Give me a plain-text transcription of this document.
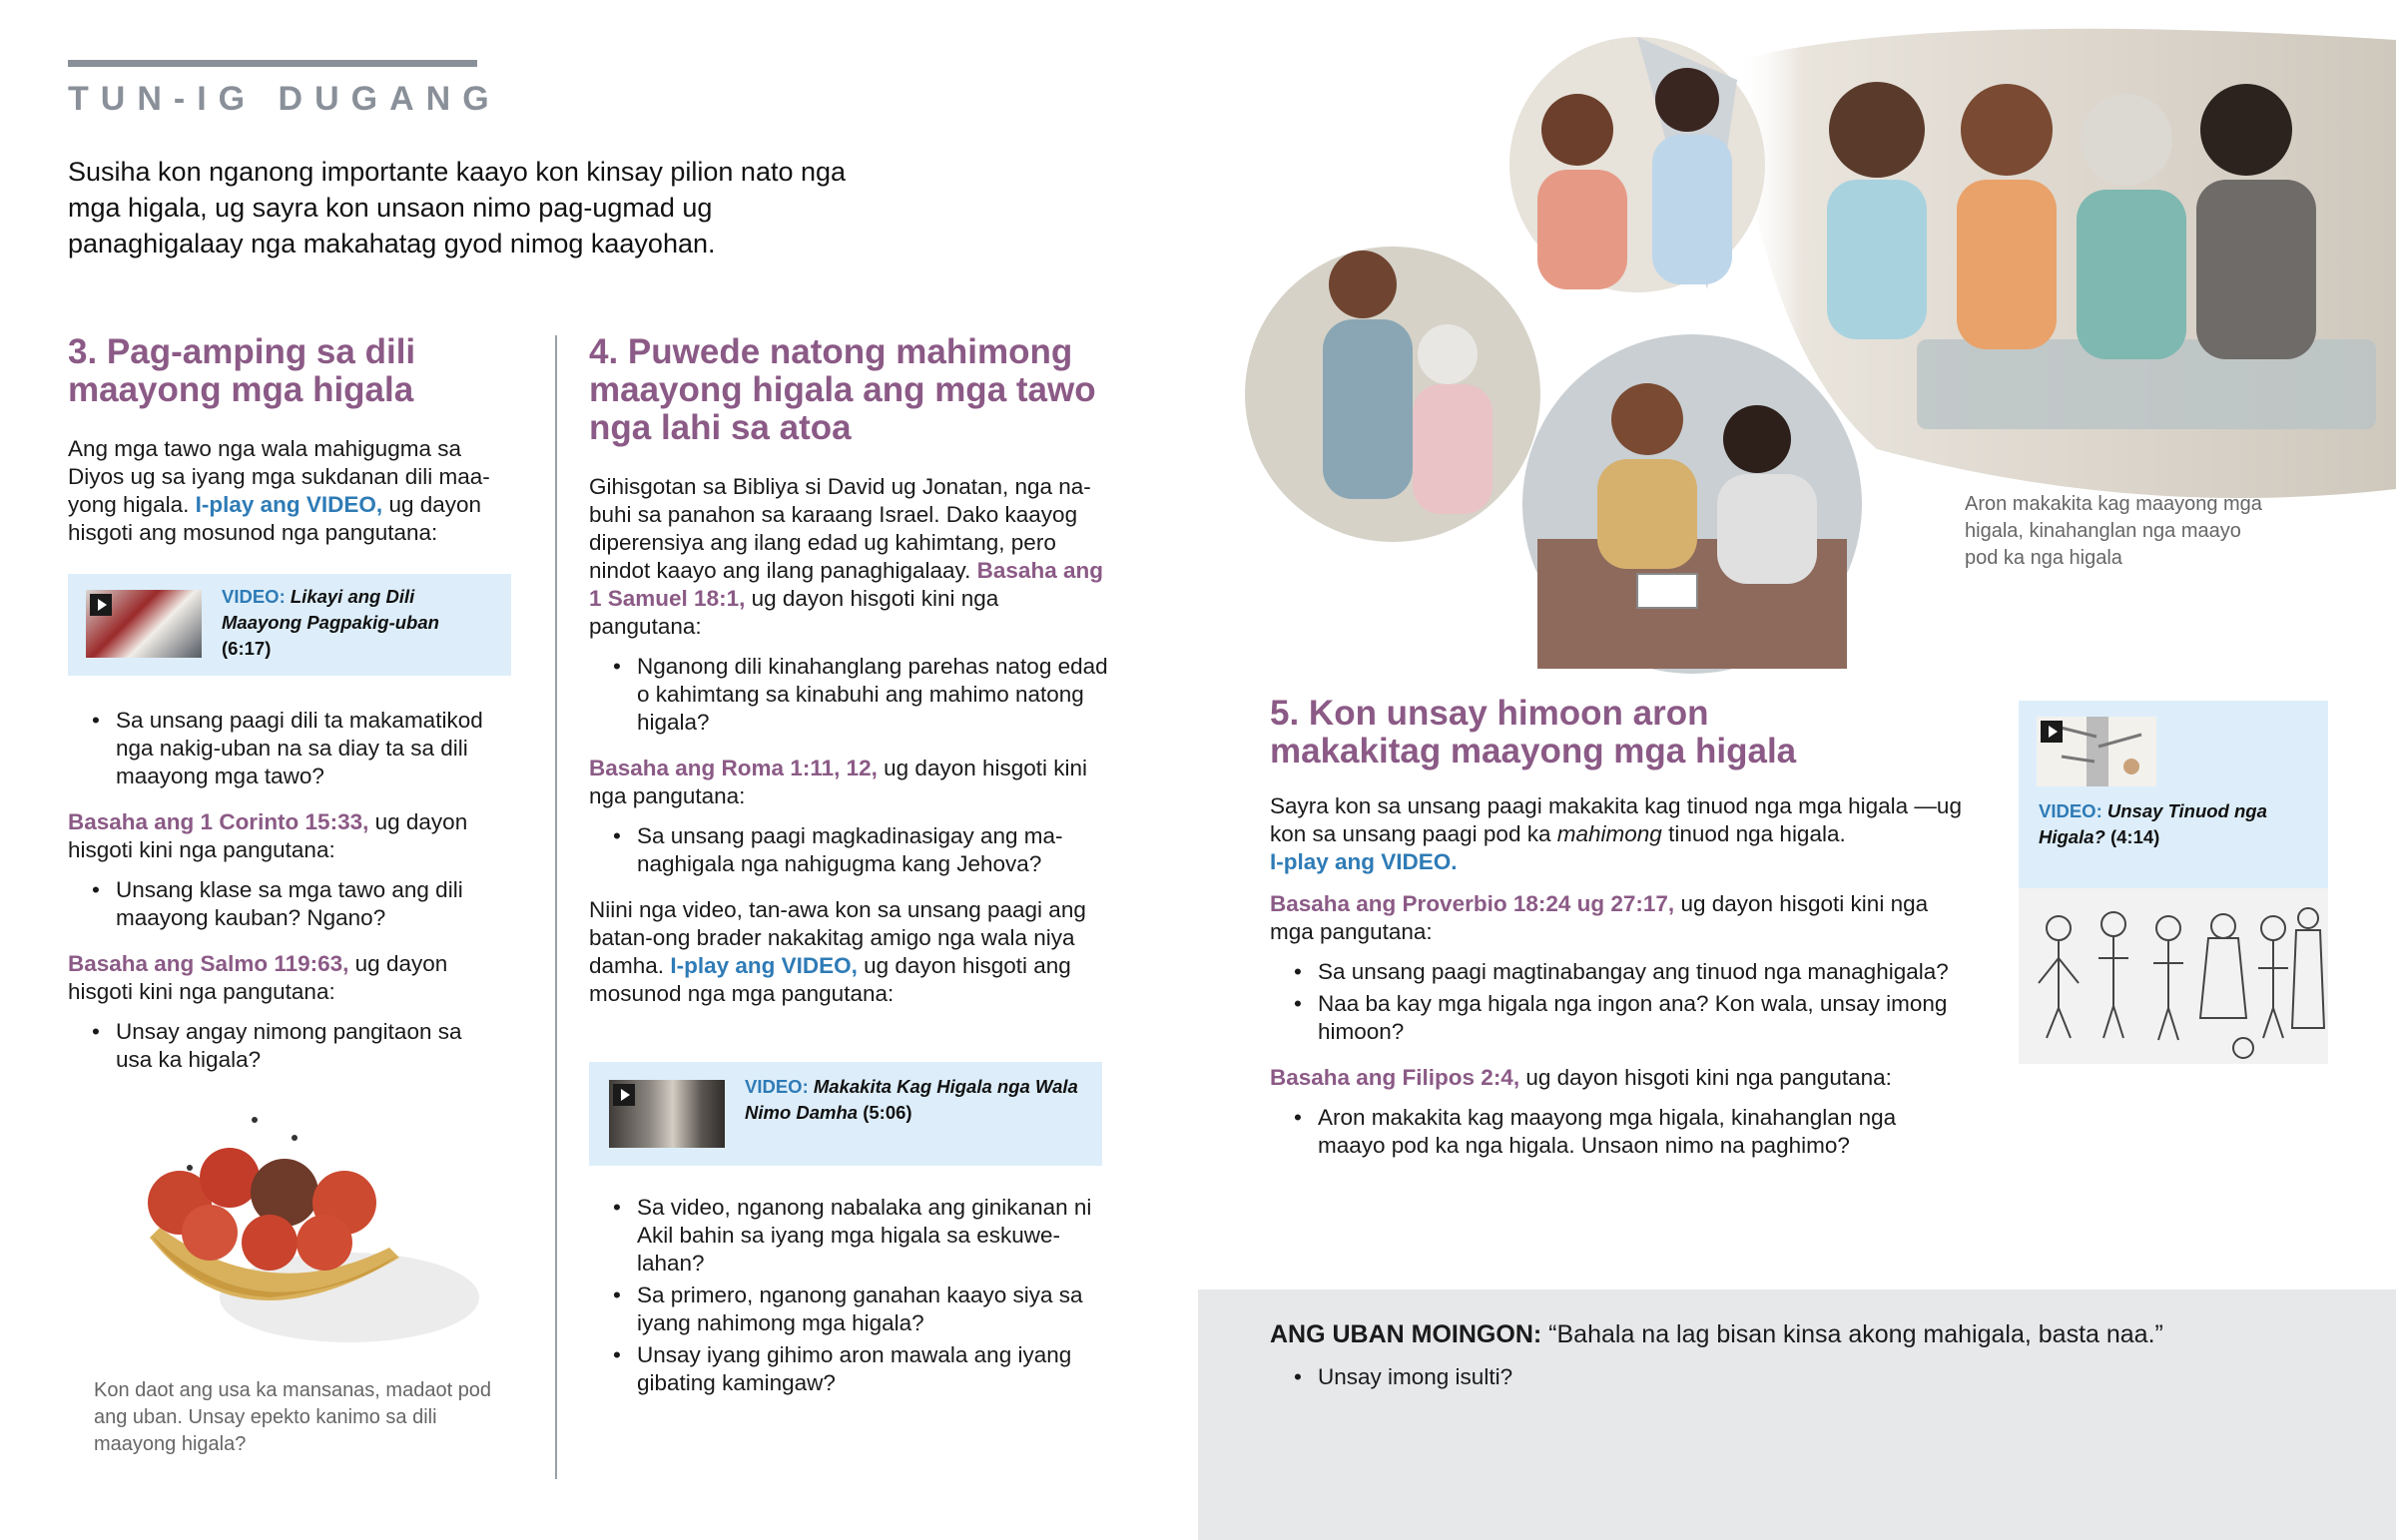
TUN-IG DUGANG
Susiha kon nganong importante kaayo kon kinsay pilion nato nga mga higala, ug sayra kon unsaon nimo pag-ugmad ug panaghigalaay nga makahatag gyod nimog kaayohan.
3. Pag-amping sa dili maayong mga higala
Ang mga tawo nga wala mahigugma sa Diyos ug sa iyang mga sukdanan dili maa-yong higala. I-play ang VIDEO, ug dayon hisgoti ang mosunod nga pangutana:
VIDEO: Likayi ang Dili Maayong Pagpakig-uban (6:17)
• Sa unsang paagi dili ta makamatikod nga nakig-uban na sa diay ta sa dili maayong mga tawo?
Basaha ang 1 Corinto 15:33, ug dayon hisgoti kini nga pangutana:
• Unsang klase sa mga tawo ang dili maayong kauban? Ngano?
Basaha ang Salmo 119:63, ug dayon hisgoti kini nga pangutana:
• Unsay angay nimong pangitaon sa usa ka higala?
Kon daot ang usa ka mansanas, madaot pod ang uban. Unsay epekto kanimo sa dili maayong higala?
4. Puwede natong mahimong maayong higala ang mga tawo nga lahi sa atoa
Gihisgotan sa Bibliya si David ug Jonatan, nga na-buhi sa panahon sa karaang Israel. Dako kaayog diperensiya ang ilang edad ug kahimtang, pero nindot kaayo ang ilang panaghigalaay. Basaha ang 1 Samuel 18:1, ug dayon hisgoti kini nga pangutana:
• Nganong dili kinahanglang parehas natog edad o kahimtang sa kinabuhi ang mahimo natong higala?
Basaha ang Roma 1:11, 12, ug dayon hisgoti kini nga pangutana:
• Sa unsang paagi magkadinasigay ang ma-naghigala nga nahigugma kang Jehova?
Niini nga video, tan-awa kon sa unsang paagi ang batan-ong brader nakakitag amigo nga wala niya damha. I-play ang VIDEO, ug dayon hisgoti ang mosunod nga mga pangutana:
VIDEO: Makakita Kag Higala nga Wala Nimo Damha (5:06)
• Sa video, nganong nabalaka ang ginikanan ni Akil bahin sa iyang mga higala sa eskuwe-lahan?
• Sa primero, nganong ganahan kaayo siya sa iyang nahimong mga higala?
• Unsay iyang gihimo aron mawala ang iyang gibating kamingaw?
Aron makakita kag maayong mga higala, kinahanglan nga maayo pod ka nga higala
5. Kon unsay himoon aron makakitag maayong mga higala
Sayra kon sa unsang paagi makakita kag tinuod nga mga higala —ug kon sa unsang paagi pod ka mahimong tinuod nga higala.
I-play ang VIDEO.
Basaha ang Proverbio 18:24 ug 27:17, ug dayon hisgoti kini nga mga pangutana:
• Sa unsang paagi magtinabangay ang tinuod nga managhigala?
• Naa ba kay mga higala nga ingon ana? Kon wala, unsay imong himoon?
Basaha ang Filipos 2:4, ug dayon hisgoti kini nga pangutana:
• Aron makakita kag maayong mga higala, kinahanglan nga maayo pod ka nga higala. Unsaon nimo na paghimo?
VIDEO: Unsay Tinuod nga Higala? (4:14)
ANG UBAN MOINGON: “Bahala na lag bisan kinsa akong mahigala, basta naa.”
• Unsay imong isulti?
